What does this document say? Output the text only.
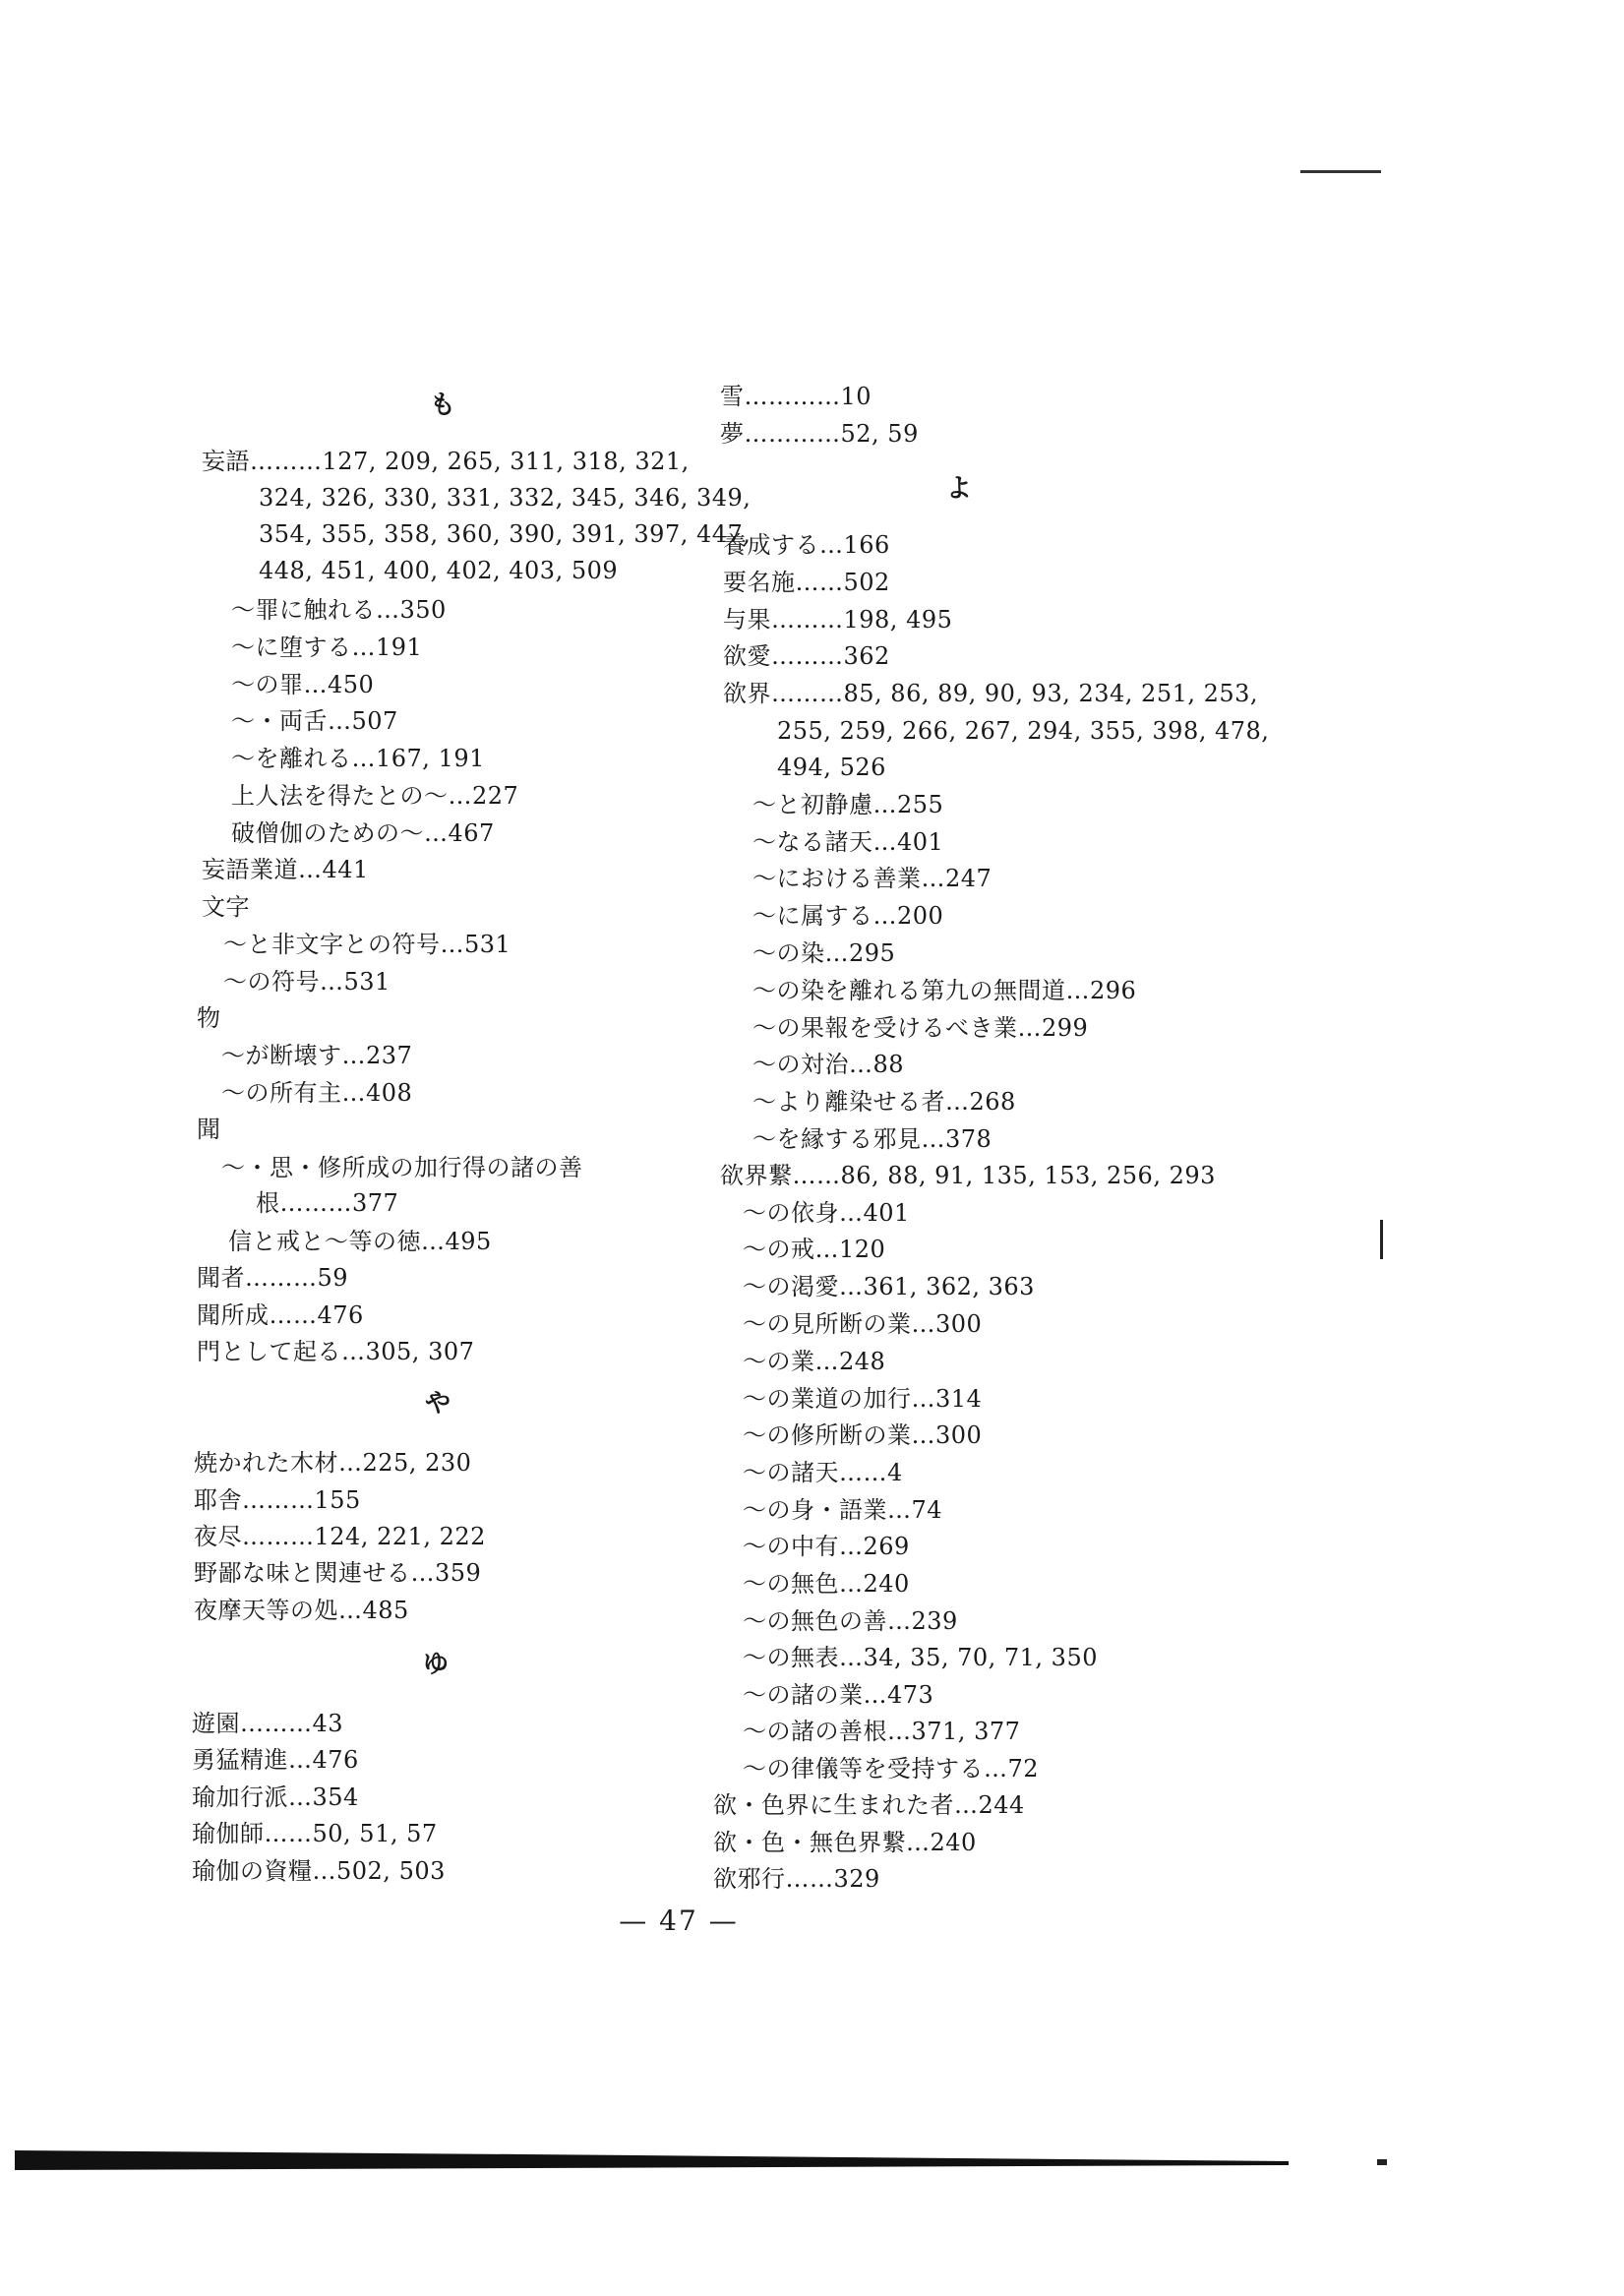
も
妄語………127, 209, 265, 311, 318, 321,
324, 326, 330, 331, 332, 345, 346, 349,
354, 355, 358, 360, 390, 391, 397, 447,
448, 451, 400, 402, 403, 509
～罪に触れる…350
～に堕する…191
～の罪…450
～・両舌…507
～を離れる…167, 191
上人法を得たとの～…227
破僧伽のための～…467
妄語業道…441
文字
～と非文字との符号…531
～の符号…531
物
～が断壊す…237
～の所有主…408
聞
～・思・修所成の加行得の諸の善
根………377
信と戒と～等の徳…495
聞者………59
聞所成……476
門として起る…305, 307
や
焼かれた木材…225, 230
耶舎………155
夜尽………124, 221, 222
野鄙な味と関連せる…359
夜摩天等の処…485
ゆ
遊園………43
勇猛精進…476
瑜加行派…354
瑜伽師……50, 51, 57
瑜伽の資糧…502, 503
雪…………10
夢…………52, 59
よ
養成する…166
要名施……502
与果………198, 495
欲愛………362
欲界………85, 86, 89, 90, 93, 234, 251, 253,
255, 259, 266, 267, 294, 355, 398, 478,
494, 526
～と初静慮…255
～なる諸天…401
～における善業…247
～に属する…200
～の染…295
～の染を離れる第九の無間道…296
～の果報を受けるべき業…299
～の対治…88
～より離染せる者…268
～を縁する邪見…378
欲界繋……86, 88, 91, 135, 153, 256, 293
～の依身…401
～の戒…120
～の渇愛…361, 362, 363
～の見所断の業…300
～の業…248
～の業道の加行…314
～の修所断の業…300
～の諸天……4
～の身・語業…74
～の中有…269
～の無色…240
～の無色の善…239
～の無表…34, 35, 70, 71, 350
～の諸の業…473
～の諸の善根…371, 377
～の律儀等を受持する…72
欲・色界に生まれた者…244
欲・色・無色界繋…240
欲邪行……329
— 47 —
